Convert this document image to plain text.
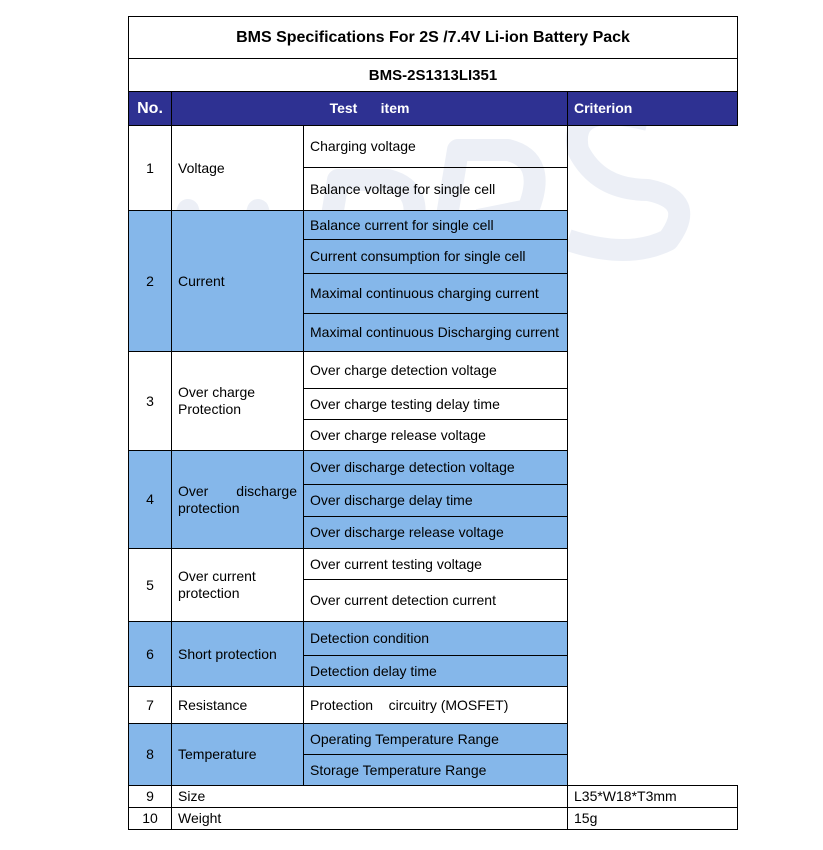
BMS Specifications For 2S /7.4V Li-ion Battery Pack			
BMS-2S1313LI351			
No.	Test      item		Criterion
1	Voltage	Charging voltage	
		Balance voltage for single cell	
2	Current	Balance current for single cell	
		Current consumption for single cell	
		Maximal continuous charging current	
		Maximal continuous Discharging current	
3	Over charge Protection	Over charge detection voltage	
		Over charge testing delay time	
		Over charge release voltage	
4	Over discharge protection	Over discharge detection voltage	
		Over discharge delay time	
		Over discharge release voltage	
5	Over current protection	Over current testing voltage	
		Over current detection current	
6	Short protection	Detection condition	
		Detection delay time	
7	Resistance	Protection    circuitry (MOSFET)	
8	Temperature	Operating Temperature Range	
		Storage Temperature Range	
9	Size		L35*W18*T3mm
10	Weight		15g
